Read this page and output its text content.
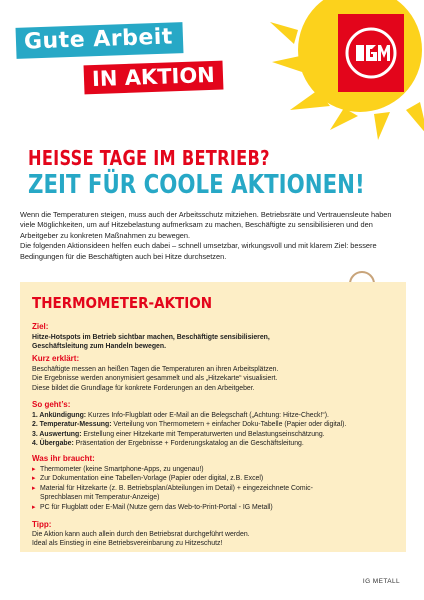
Gute Arbeit
IN AKTION
HEISSE TAGE IM BETRIEB?
ZEIT FÜR COOLE AKTIONEN!

Wenn die Temperaturen steigen, muss auch der Arbeitsschutz mitziehen. Betriebsräte und Vertrauensleute haben viele Möglichkeiten, um auf Hitzebelastung aufmerksam zu machen, Beschäftigte zu sensibilisieren und den Arbeitgeber zu konkreten Maßnahmen zu bewegen.

Die folgenden Aktionsideen helfen euch dabei – schnell umsetzbar, wirkungsvoll und mit klarem Ziel: bessere Bedingungen für die Beschäftigten auch bei Hitze durchsetzen.

THERMOMETER-AKTION
Ziel:
Hitze-Hotspots im Betrieb sichtbar machen, Beschäftigte sensibilisieren, Geschäftsleitung zum Handeln bewegen.
Kurz erklärt:
Beschäftigte messen an heißen Tagen die Temperaturen an ihren Arbeitsplätzen.
Die Ergebnisse werden anonymisiert gesammelt und als „Hitzekarte“ visualisiert.
Diese bildet die Grundlage für konkrete Forderungen an den Arbeitgeber.
So geht’s:
1. Ankündigung: Kurzes Info-Flugblatt oder E-Mail an die Belegschaft („Achtung: Hitze-Check!“).
2. Temperatur-Messung: Verteilung von Thermometern + einfacher Doku-Tabelle (Papier oder digital).
3. Auswertung: Erstellung einer Hitzekarte mit Temperaturwerten und Belastungseinschätzung.
4. Übergabe: Präsentation der Ergebnisse + Forderungskatalog an die Geschäftsleitung.
Was ihr braucht:
▸ Thermometer (keine Smartphone-Apps, zu ungenau!)
▸ Zur Dokumentation eine Tabellen-Vorlage (Papier oder digital, z.B. Excel)
▸ Material für Hitzekarte (z. B. Betriebsplan/Abteilungen im Detail) + eingezeichnete Comic-Sprechblasen mit Temperatur-Anzeige)
▸ PC für Flugblatt oder E-Mail (Nutze gern das Web-to-Print-Portal - IG Metall)
Tipp:
Die Aktion kann auch allein durch den Betriebsrat durchgeführt werden.
Ideal als Einstieg in eine Betriebsvereinbarung zu Hitzeschutz!
IG METALL
